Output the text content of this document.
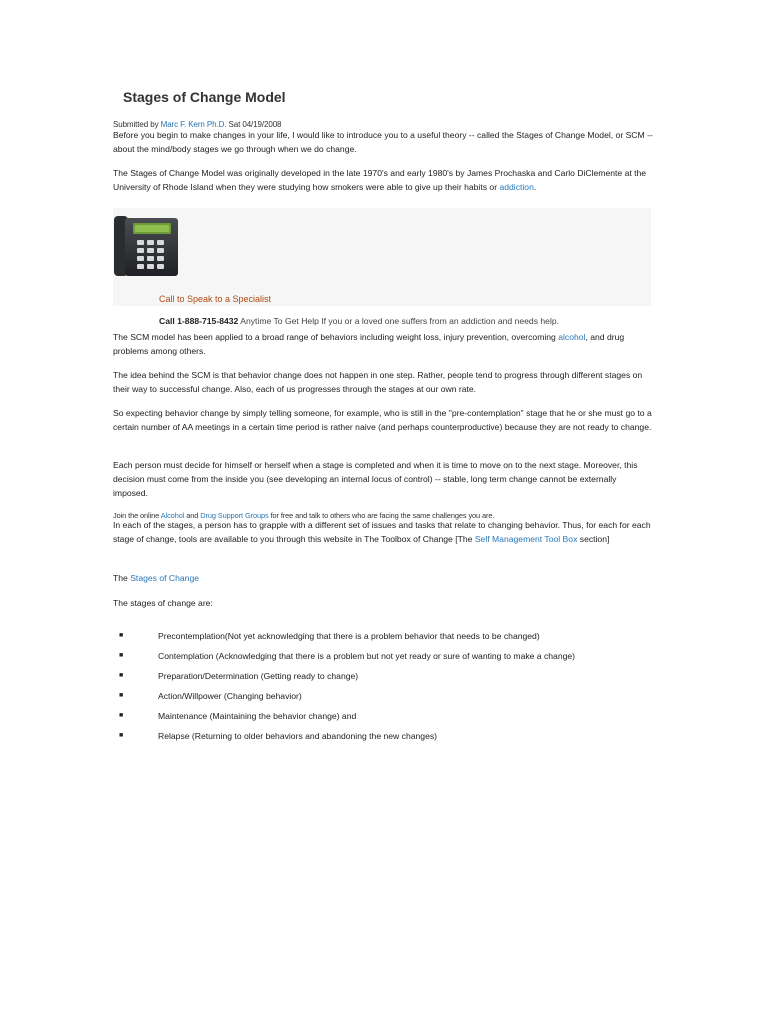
Stages of Change Model
Submitted by Marc F. Kern Ph.D. Sat 04/19/2008

Before you begin to make changes in your life, I would like to introduce you to a useful theory -- called the Stages of Change Model, or SCM -- about the mind/body stages we go through when we do change.

The Stages of Change Model was originally developed in the late 1970's and early 1980's by James Prochaska and Carlo DiClemente at the University of Rhode Island when they were studying how smokers were able to give up their habits or addiction.

Call to Speak to a Specialist
Call 1-888-715-8432 Anytime To Get Help If you or a loved one suffers from an addiction and needs help.

The SCM model has been applied to a broad range of behaviors including weight loss, injury prevention, overcoming alcohol, and drug problems among others.

The idea behind the SCM is that behavior change does not happen in one step. Rather, people tend to progress through different stages on their way to successful change. Also, each of us progresses through the stages at our own rate.

So expecting behavior change by simply telling someone, for example, who is still in the "pre-contemplation" stage that he or she must go to a certain number of AA meetings in a certain time period is rather naive (and perhaps counterproductive) because they are not ready to change.

Each person must decide for himself or herself when a stage is completed and when it is time to move on to the next stage. Moreover, this decision must come from the inside you (see developing an internal locus of control) -- stable, long term change cannot be externally imposed.

Join the online Alcohol and Drug Support Groups for free and talk to others who are facing the same challenges you are.

In each of the stages, a person has to grapple with a different set of issues and tasks that relate to changing behavior. Thus, for each for each stage of change, tools are available to you through this website in The Toolbox of Change [The Self Management Tool Box section]

The Stages of Change

The stages of change are:

■	Precontemplation(Not yet acknowledging that there is a problem behavior that needs to be changed)
■	Contemplation (Acknowledging that there is a problem but not yet ready or sure of wanting to make a change)
■	Preparation/Determination (Getting ready to change)
■	Action/Willpower (Changing behavior)
■	Maintenance (Maintaining the behavior change) and
■	Relapse (Returning to older behaviors and abandoning the new changes)
